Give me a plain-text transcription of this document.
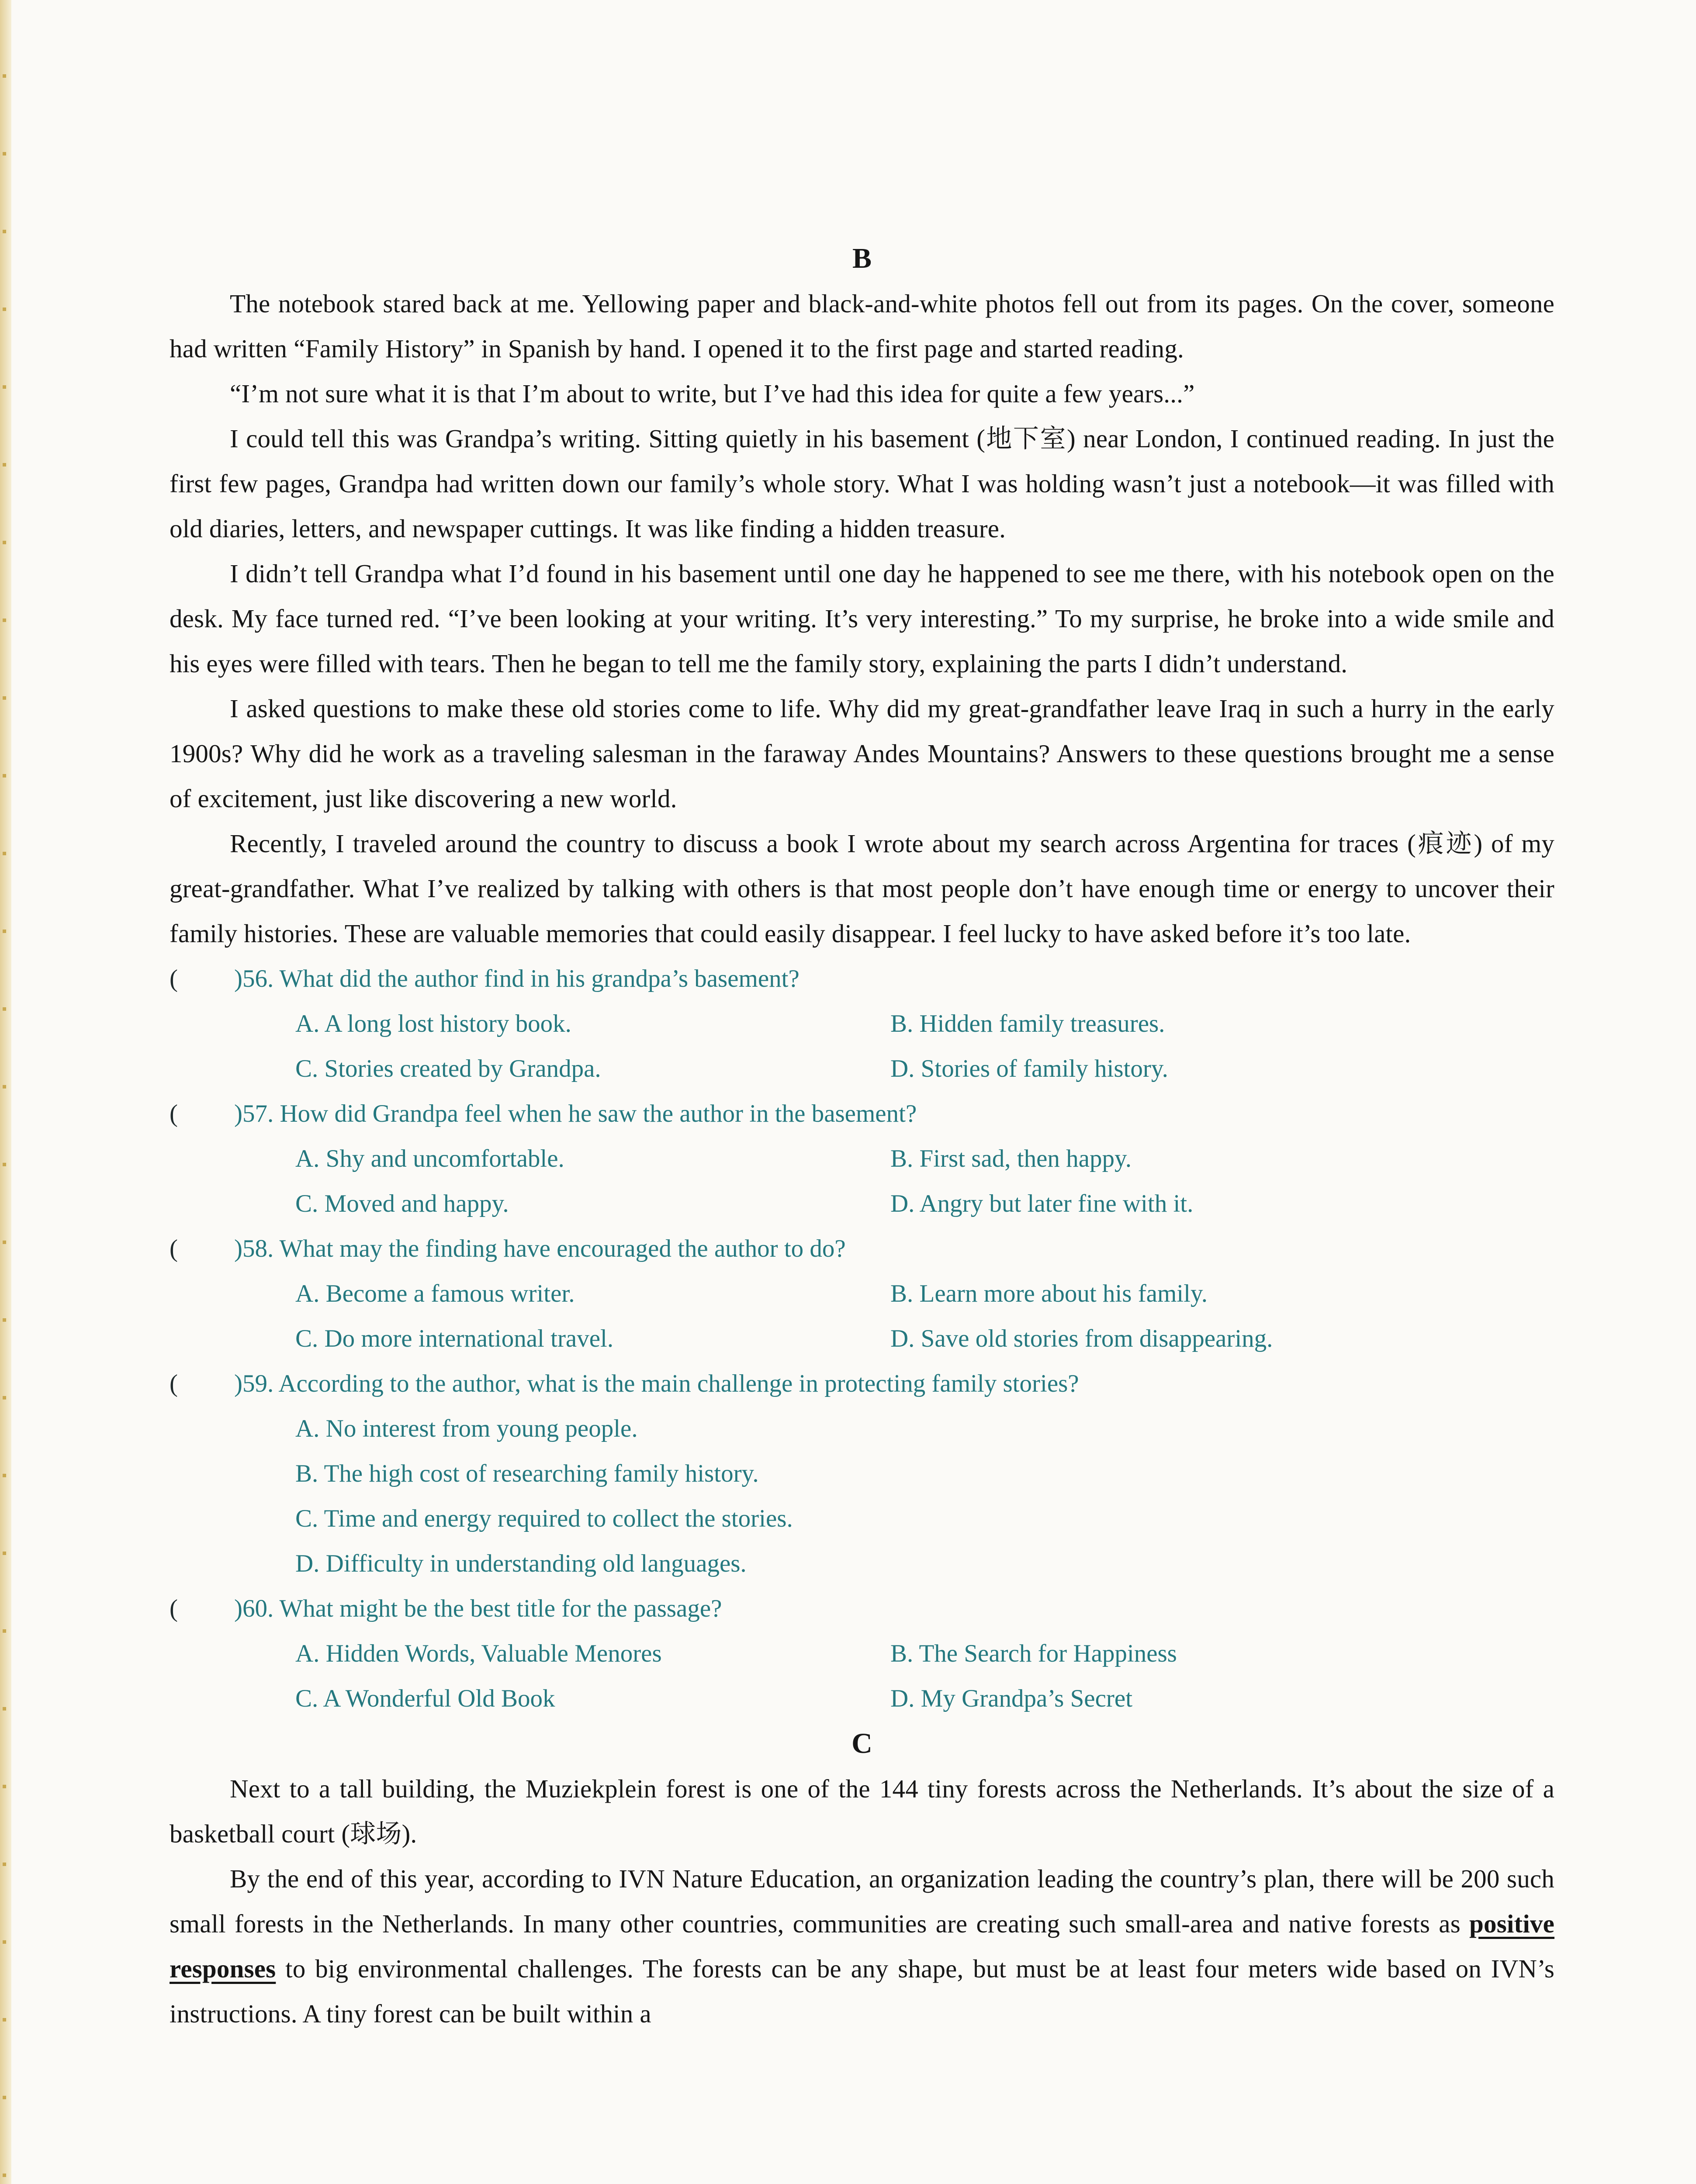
B

The notebook stared back at me. Yellowing paper and black-and-white photos fell out from its pages. On the cover, someone had written “Family History” in Spanish by hand. I opened it to the first page and started reading.

“I’m not sure what it is that I’m about to write, but I’ve had this idea for quite a few years...”

I could tell this was Grandpa’s writing. Sitting quietly in his basement (地下室) near London, I continued reading. In just the first few pages, Grandpa had written down our family’s whole story. What I was holding wasn’t just a notebook—it was filled with old diaries, letters, and newspaper cuttings. It was like finding a hidden treasure.

I didn’t tell Grandpa what I’d found in his basement until one day he happened to see me there, with his notebook open on the desk. My face turned red. “I’ve been looking at your writing. It’s very interesting.” To my surprise, he broke into a wide smile and his eyes were filled with tears. Then he began to tell me the family story, explaining the parts I didn’t understand.

I asked questions to make these old stories come to life. Why did my great-grandfather leave Iraq in such a hurry in the early 1900s? Why did he work as a traveling salesman in the faraway Andes Mountains? Answers to these questions brought me a sense of excitement, just like discovering a new world.

Recently, I traveled around the country to discuss a book I wrote about my search across Argentina for traces (痕迹) of my great-grandfather. What I’ve realized by talking with others is that most people don’t have enough time or energy to uncover their family histories. These are valuable memories that could easily disappear. I feel lucky to have asked before it’s too late.

( )56. What did the author find in his grandpa’s basement?
A. A long lost history book.	B. Hidden family treasures.
C. Stories created by Grandpa.	D. Stories of family history.
( )57. How did Grandpa feel when he saw the author in the basement?
A. Shy and uncomfortable.	B. First sad, then happy.
C. Moved and happy.	D. Angry but later fine with it.
( )58. What may the finding have encouraged the author to do?
A. Become a famous writer.	B. Learn more about his family.
C. Do more international travel.	D. Save old stories from disappearing.
( )59. According to the author, what is the main challenge in protecting family stories?
A. No interest from young people.
B. The high cost of researching family history.
C. Time and energy required to collect the stories.
D. Difficulty in understanding old languages.
( )60. What might be the best title for the passage?
A. Hidden Words, Valuable Menores	B. The Search for Happiness
C. A Wonderful Old Book	D. My Grandpa’s Secret
C

Next to a tall building, the Muziekplein forest is one of the 144 tiny forests across the Netherlands. It’s about the size of a basketball court (球场).

By the end of this year, according to IVN Nature Education, an organization leading the country’s plan, there will be 200 such small forests in the Netherlands. In many other countries, communities are creating such small-area and native forests as positive responses to big environmental challenges. The forests can be any shape, but must be at least four meters wide based on IVN’s instructions. A tiny forest can be built within a
